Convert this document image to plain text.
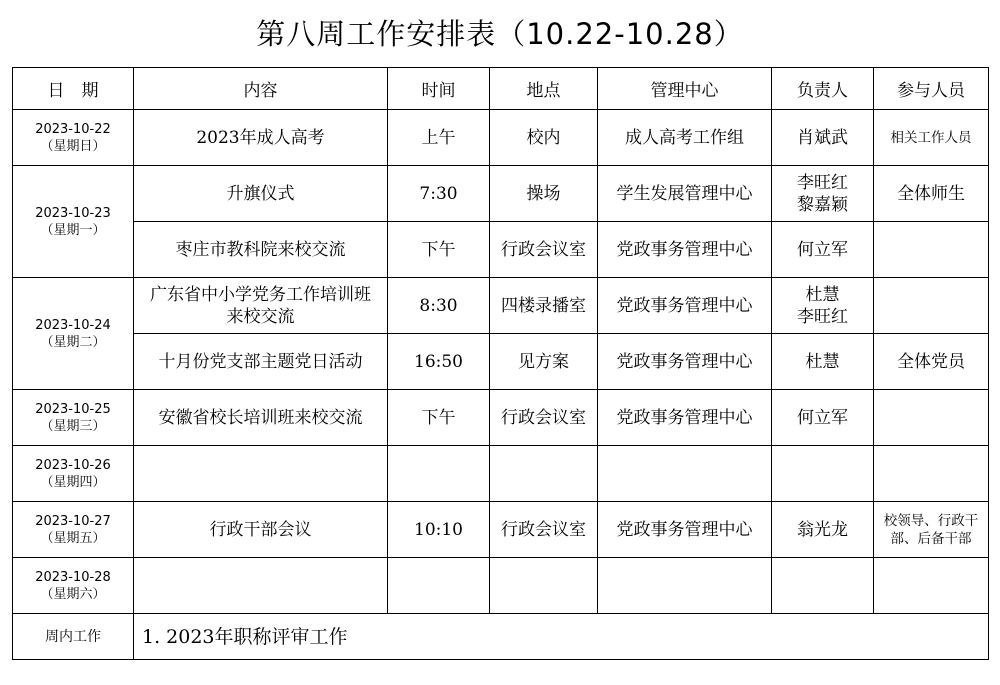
第八周工作安排表（10.22-10.28）
日　期	内容	时间	地点	管理中心	负责人	参与人员

2023-10-22
（星期日）	2023年成人高考	上午	校内	成人高考工作组	肖斌武	相关工作人员

2023-10-23
（星期一）	升旗仪式	7:30	操场	学生发展管理中心	李旺红
黎嘉颖	全体师生
	枣庄市教科院来校交流	下午	行政会议室	党政事务管理中心	何立军	

2023-10-24
（星期二）	广东省中小学党务工作培训班
来校交流	8:30	四楼录播室	党政事务管理中心	杜慧
李旺红	

	十月份党支部主题党日活动	16:50	见方案	党政事务管理中心	杜慧	全体党员

2023-10-25
（星期三）	安徽省校长培训班来校交流	下午	行政会议室	党政事务管理中心	何立军	

2023-10-26
（星期四）						

2023-10-27
（星期五）	行政干部会议	10:10	行政会议室	党政事务管理中心	翁光龙	校领导、行政干
部、后备干部

2023-10-28
（星期六）						

周内工作	1. 2023年职称评审工作					
